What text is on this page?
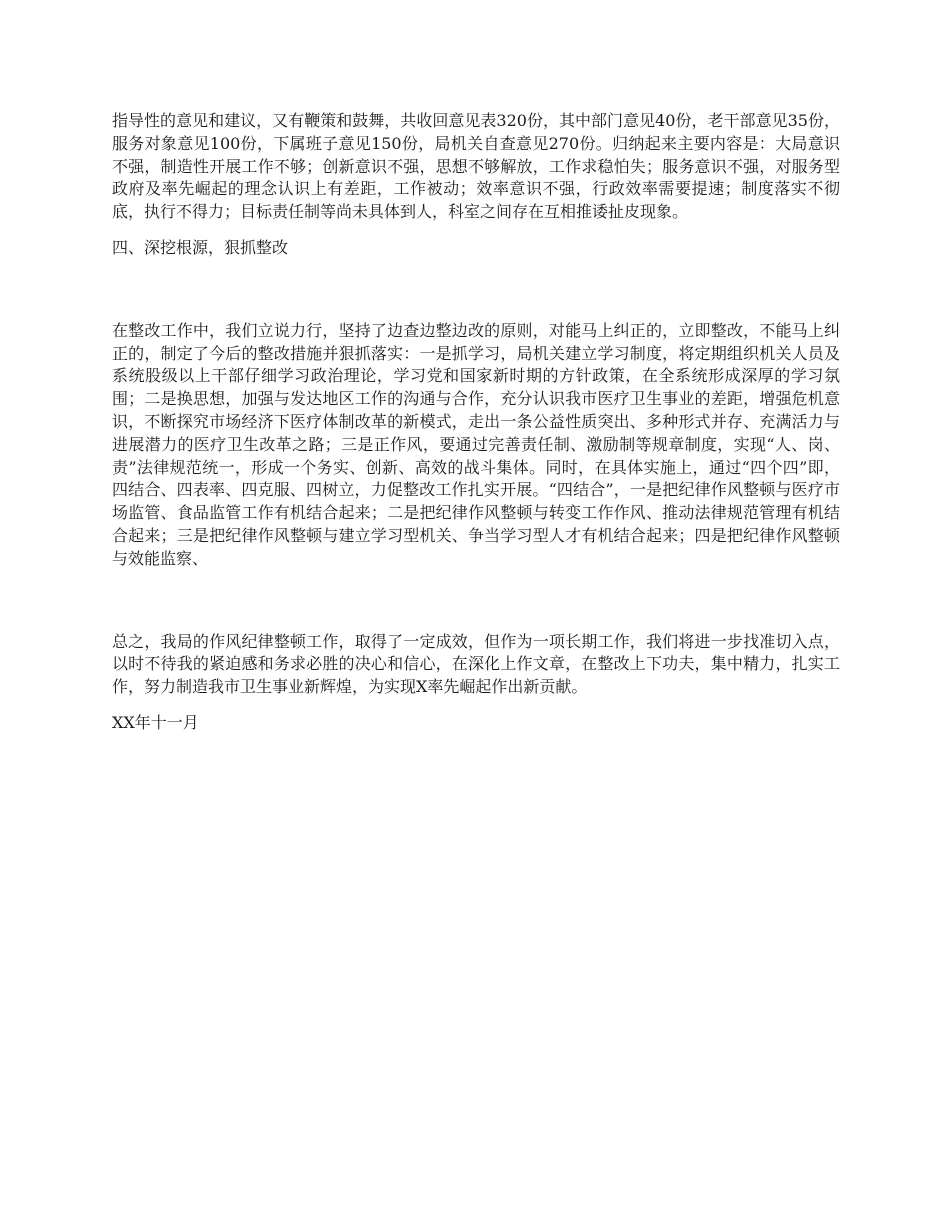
指导性的意见和建议，又有鞭策和鼓舞，共收回意见表320份，其中部门意见40份，老干部意见35份，服务对象意见100份，下属班子意见150份，局机关自查意见270份。归纳起来主要内容是：大局意识不强，制造性开展工作不够；创新意识不强，思想不够解放，工作求稳怕失；服务意识不强，对服务型政府及率先崛起的理念认识上有差距，工作被动；效率意识不强，行政效率需要提速；制度落实不彻底，执行不得力；目标责任制等尚未具体到人，科室之间存在互相推诿扯皮现象。

四、深挖根源，狠抓整改

在整改工作中，我们立说力行，坚持了边查边整边改的原则，对能马上纠正的，立即整改，不能马上纠正的，制定了今后的整改措施并狠抓落实：一是抓学习，局机关建立学习制度，将定期组织机关人员及系统股级以上干部仔细学习政治理论，学习党和国家新时期的方针政策，在全系统形成深厚的学习氛围；二是换思想，加强与发达地区工作的沟通与合作，充分认识我市医疗卫生事业的差距，增强危机意识，不断探究市场经济下医疗体制改革的新模式，走出一条公益性质突出、多种形式并存、充满活力与进展潜力的医疗卫生改革之路；三是正作风，要通过完善责任制、激励制等规章制度，实现“人、岗、责”法律规范统一，形成一个务实、创新、高效的战斗集体。同时，在具体实施上，通过“四个四”即，四结合、四表率、四克服、四树立，力促整改工作扎实开展。“四结合”，一是把纪律作风整顿与医疗市场监管、食品监管工作有机结合起来；二是把纪律作风整顿与转变工作作风、推动法律规范管理有机结合起来；三是把纪律作风整顿与建立学习型机关、争当学习型人才有机结合起来；四是把纪律作风整顿与效能监察、

总之，我局的作风纪律整顿工作，取得了一定成效，但作为一项长期工作，我们将进一步找准切入点，以时不待我的紧迫感和务求必胜的决心和信心，在深化上作文章，在整改上下功夫，集中精力，扎实工作，努力制造我市卫生事业新辉煌，为实现X率先崛起作出新贡献。

XX年十一月
